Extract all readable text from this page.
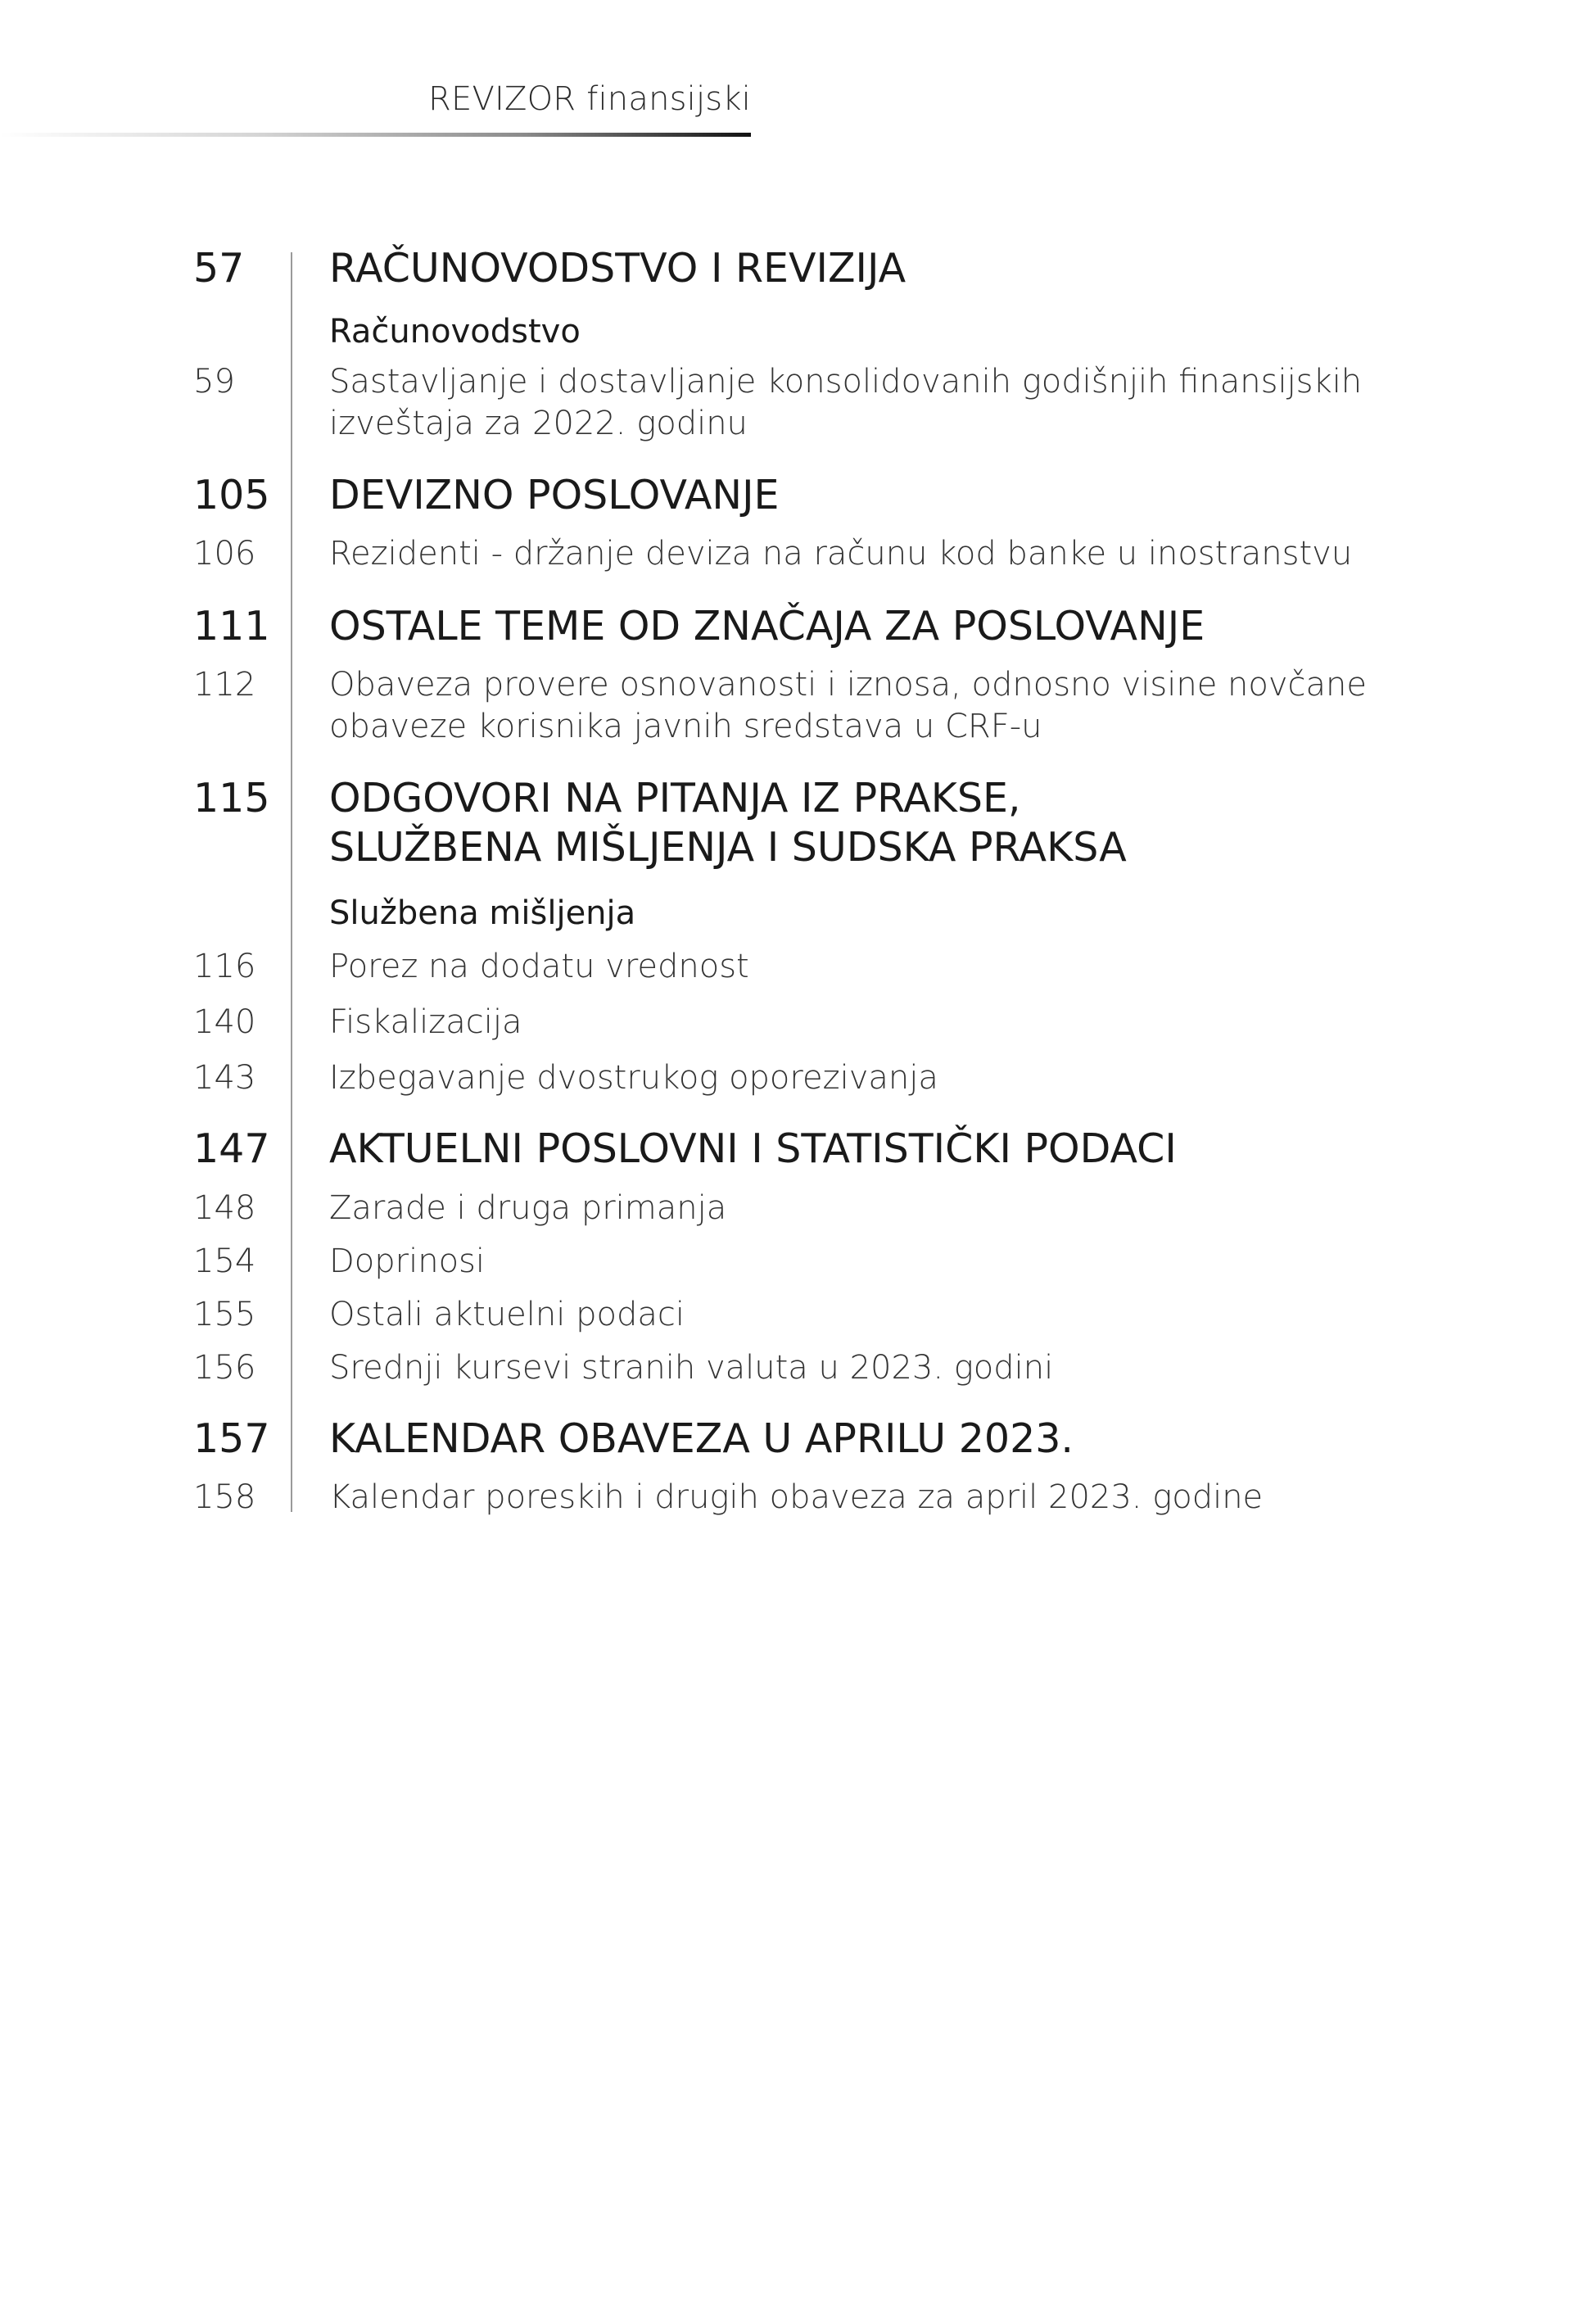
REVIZOR finansijski
57 RAČUNOVODSTVO I REVIZIJA
Računovodstvo
59	Sastavljanje i dostavljanje konsolidovanih godišnjih finansijskih
izveštaja za 2022. godinu
105 DEVIZNO POSLOVANJE
106 Rezidenti - držanje deviza na računu kod banke u inostranstvu
111 OSTALE TEME OD ZNAČAJA ZA POSLOVANJE
112 Obaveza provere osnovanosti i iznosa, odnosno visine novčane
obaveze korisnika javnih sredstava u CRF-u
115 ODGOVORI NA PITANJA IZ PRAKSE,
SLUŽBENA MIŠLJENJA I SUDSKA PRAKSA
Službena mišljenja
116 Porez na dodatu vrednost
140 Fiskalizacija
143 Izbegavanje dvostrukog oporezivanja
147 AKTUELNI POSLOVNI I STATISTIČKI PODACI
148 Zarade i druga primanja
154 Doprinosi
155 Ostali aktuelni podaci
156 Srednji kursevi stranih valuta u 2023. godini
157 KALENDAR OBAVEZA U APRILU 2023.
158 Kalendar poreskih i drugih obaveza za april 2023. godine
